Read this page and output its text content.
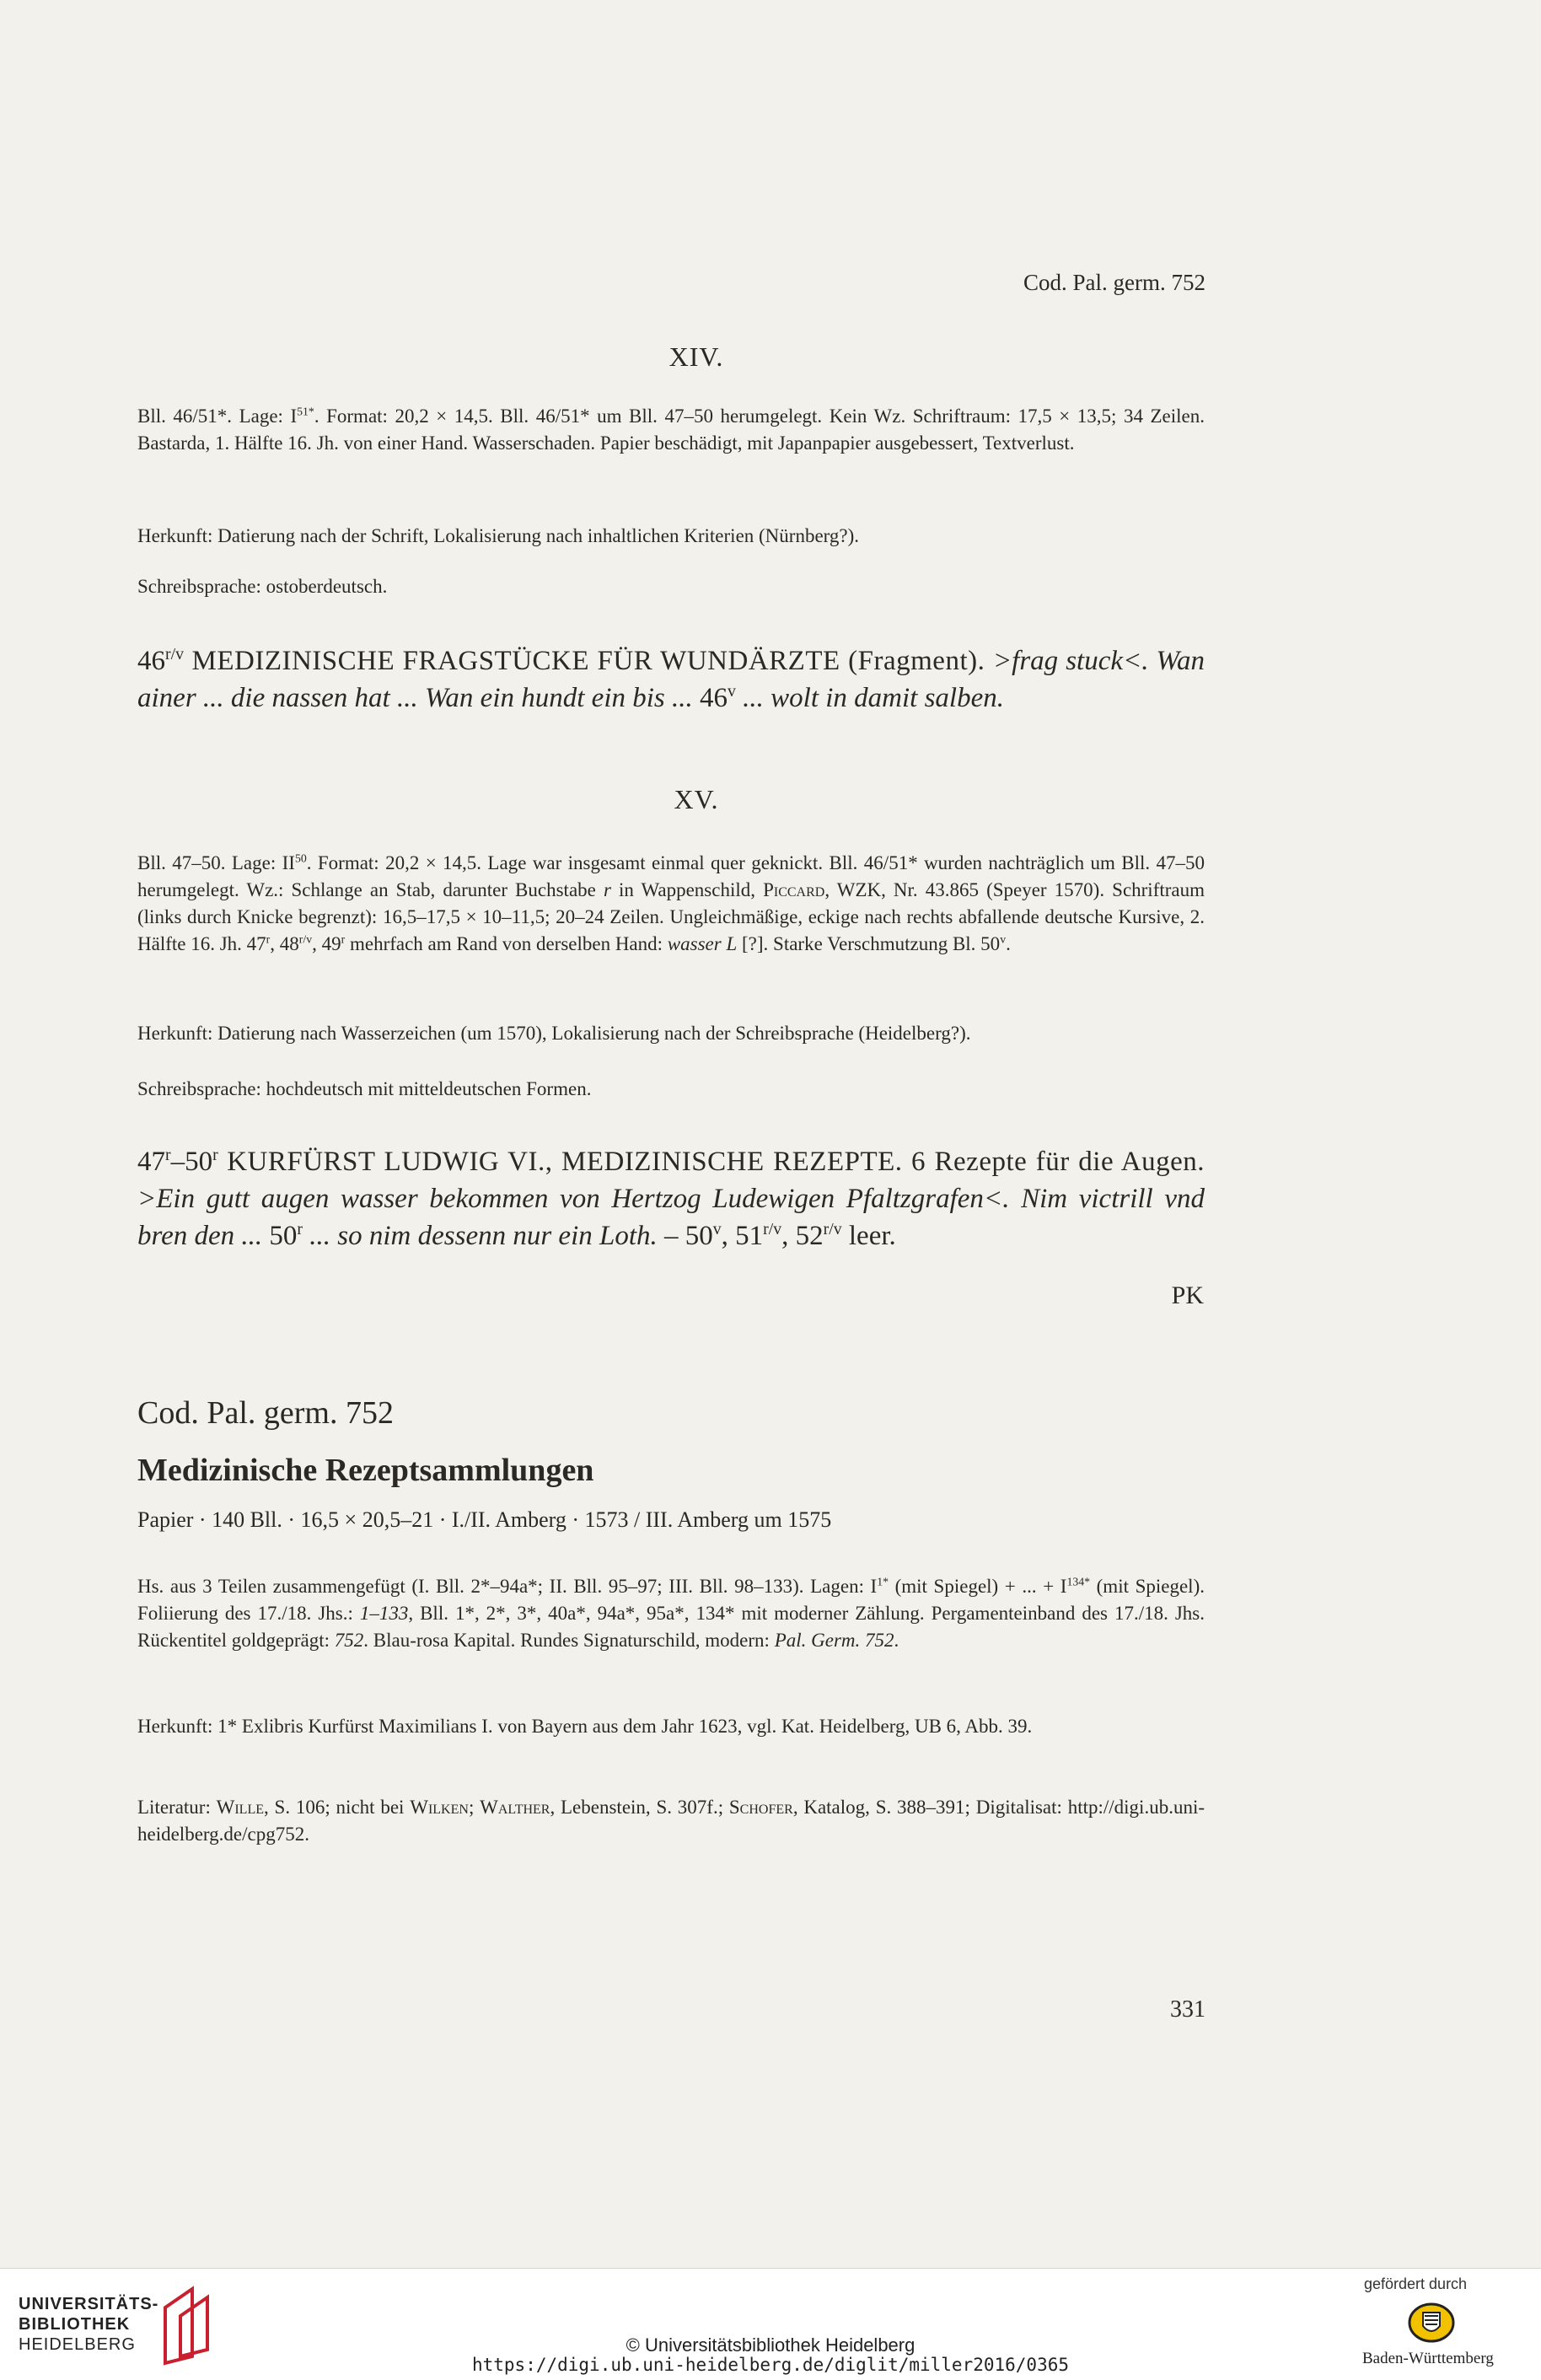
Cod. Pal. germ. 752
XIV.
Bll. 46/51*. Lage: $I^{51*}$. Format: 20,2 × 14,5. Bll. 46/51* um Bll. 47–50 herumgelegt. Kein Wz. Schriftraum: 17,5 × 13,5; 34 Zeilen. Bastarda, 1. Hälfte 16. Jh. von einer Hand. Wasserschaden. Papier beschädigt, mit Japanpapier ausgebessert, Textverlust.
Herkunft: Datierung nach der Schrift, Lokalisierung nach inhaltlichen Kriterien (Nürnberg?).
Schreibsprache: ostoberdeutsch.
$46^{r/v}$ MEDIZINISCHE FRAGSTÜCKE FÜR WUNDÄRZTE (Fragment). >frag stuck<. Wan ainer ... die nassen hat ... Wan ein hundt ein bis ... 46$^v$ ... wolt in damit salben.
XV.
Bll. 47–50. Lage: II$^{50}$. Format: 20,2 × 14,5. Lage war insgesamt einmal quer geknickt. Bll. 46/51* wurden nachträglich um Bll. 47–50 herumgelegt. Wz.: Schlange an Stab, darunter Buchstabe r in Wappenschild, Piccard, WZK, Nr. 43.865 (Speyer 1570). Schriftraum (links durch Knicke begrenzt): 16,5–17,5 × 10–11,5; 20–24 Zeilen. Ungleichmäßige, eckige nach rechts abfallende deutsche Kursive, 2. Hälfte 16. Jh. 47$^r$, $48^{r/v}$, 49$^r$ mehrfach am Rand von derselben Hand: wasser L [?]. Starke Verschmutzung Bl. 50$^v$.
Herkunft: Datierung nach Wasserzeichen (um 1570), Lokalisierung nach der Schreibsprache (Heidelberg?).
Schreibsprache: hochdeutsch mit mitteldeutschen Formen.
47$^r$–50$^r$ KURFÜRST LUDWIG VI., MEDIZINISCHE REZEPTE. 6 Rezepte für die Augen. >Ein gutt augen wasser bekommen von Hertzog Ludewigen Pfaltzgrafen<. Nim victrill vnd bren den ... 50$^r$ ... so nim dessenn nur ein Loth. – 50$^v$, $51^{r/v}$, $52^{r/v}$ leer.
PK
Cod. Pal. germ. 752
Medizinische Rezeptsammlungen
Papier · 140 Bll. · 16,5 × 20,5–21 · I./II. Amberg · 1573 / III. Amberg um 1575
Hs. aus 3 Teilen zusammengefügt (I. Bll. 2*–94a*; II. Bll. 95–97; III. Bll. 98–133). Lagen: $I^{1*}$ (mit Spiegel) + ... + $I^{134*}$ (mit Spiegel). Foliierung des 17./18. Jhs.: 1–133, Bll. 1*, 2*, 3*, 40a*, 94a*, 95a*, 134* mit moderner Zählung. Pergamenteinband des 17./18. Jhs. Rückentitel goldgeprägt: 752. Blau-rosa Kapital. Rundes Signaturschild, modern: Pal. Germ. 752.
Herkunft: 1* Exlibris Kurfürst Maximilians I. von Bayern aus dem Jahr 1623, vgl. Kat. Heidelberg, UB 6, Abb. 39.
Literatur: Wille, S. 106; nicht bei Wilken; Walther, Lebenstein, S. 307f.; Schofer, Katalog, S. 388–391; Digitalisat: http://digi.ub.uni-heidelberg.de/cpg752.
331
UNIVERSITÄTS-
BIBLIOTHEK
HEIDELBERG	© Universitätsbibliothek Heidelberg
https://digi.ub.uni-heidelberg.de/diglit/miller2016/0365
gefördert durch
Baden-Württemberg
